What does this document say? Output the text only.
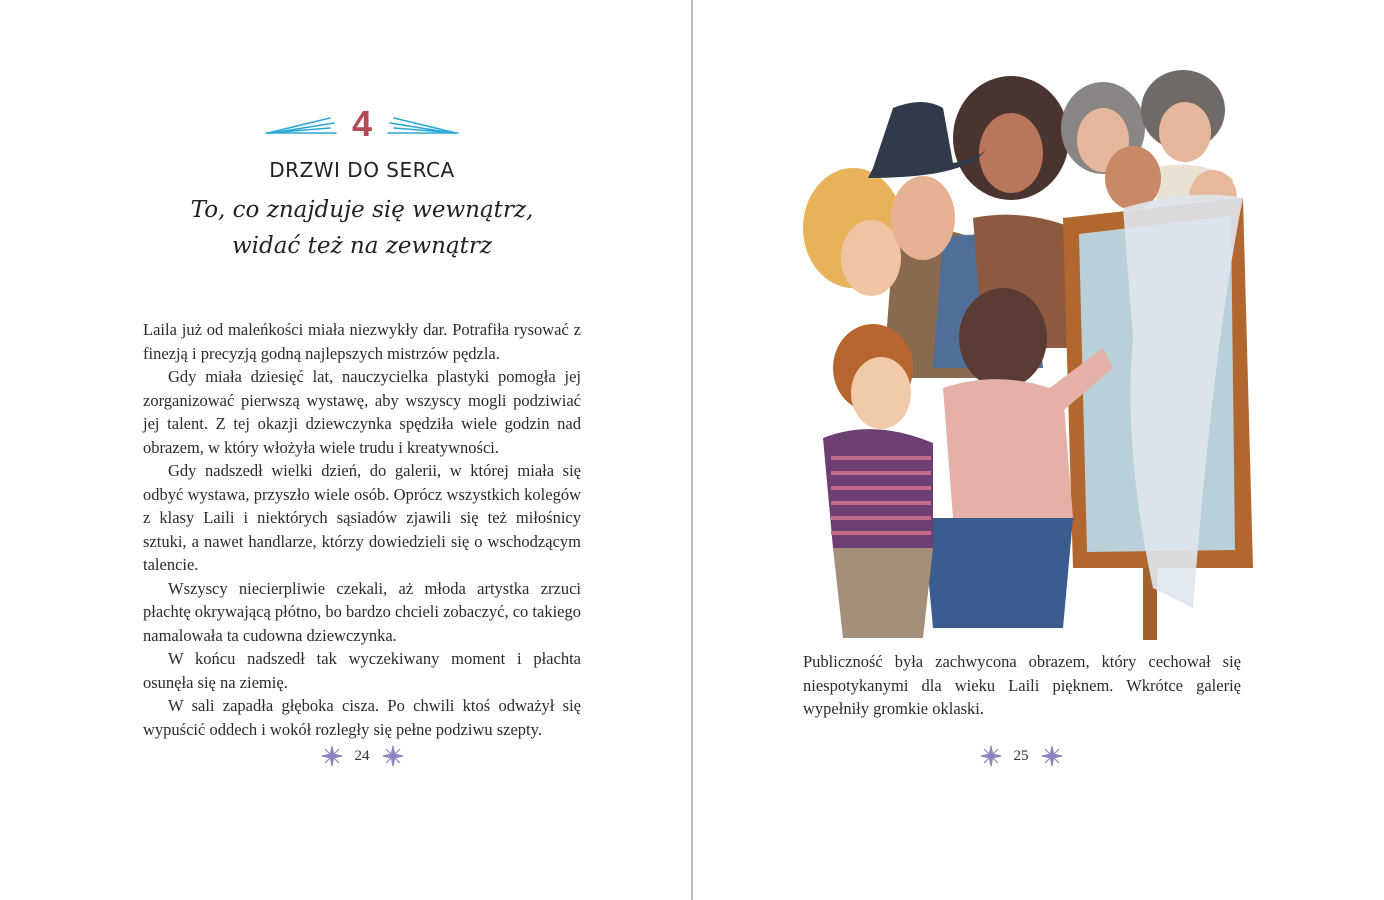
4
DRZWI DO SERCA
To, co znajduje się wewnątrz,
widać też na zewnątrz

Laila już od maleńkości miała niezwykły dar. Potrafiła rysować z finezją i precyzją godną najlepszych mistrzów pędzla.

Gdy miała dziesięć lat, nauczycielka plastyki pomogła jej zorganizować pierwszą wystawę, aby wszyscy mogli podziwiać jej talent. Z tej okazji dziewczynka spędziła wiele godzin nad obrazem, w który włożyła wiele trudu i kreatywności.

Gdy nadszedł wielki dzień, do galerii, w której miała się odbyć wystawa, przyszło wiele osób. Oprócz wszystkich kolegów z klasy Laili i niektórych sąsiadów zjawili się też miłośnicy sztuki, a nawet handlarze, którzy dowiedzieli się o wschodzącym talencie.

Wszyscy niecierpliwie czekali, aż młoda artystka zrzuci płachtę okrywającą płótno, bo bardzo chcieli zobaczyć, co takiego namalowała ta cudowna dziewczynka.

W końcu nadszedł tak wyczekiwany moment i płachta osunęła się na ziemię.

W sali zapadła głęboka cisza. Po chwili ktoś odważył się wypuścić oddech i wokół rozległy się pełne podziwu szepty.

24
Publiczność była zachwycona obrazem, który cechował się niespotykanymi dla wieku Laili pięknem. Wkrótce galerię wypełniły gromkie oklaski.
25
